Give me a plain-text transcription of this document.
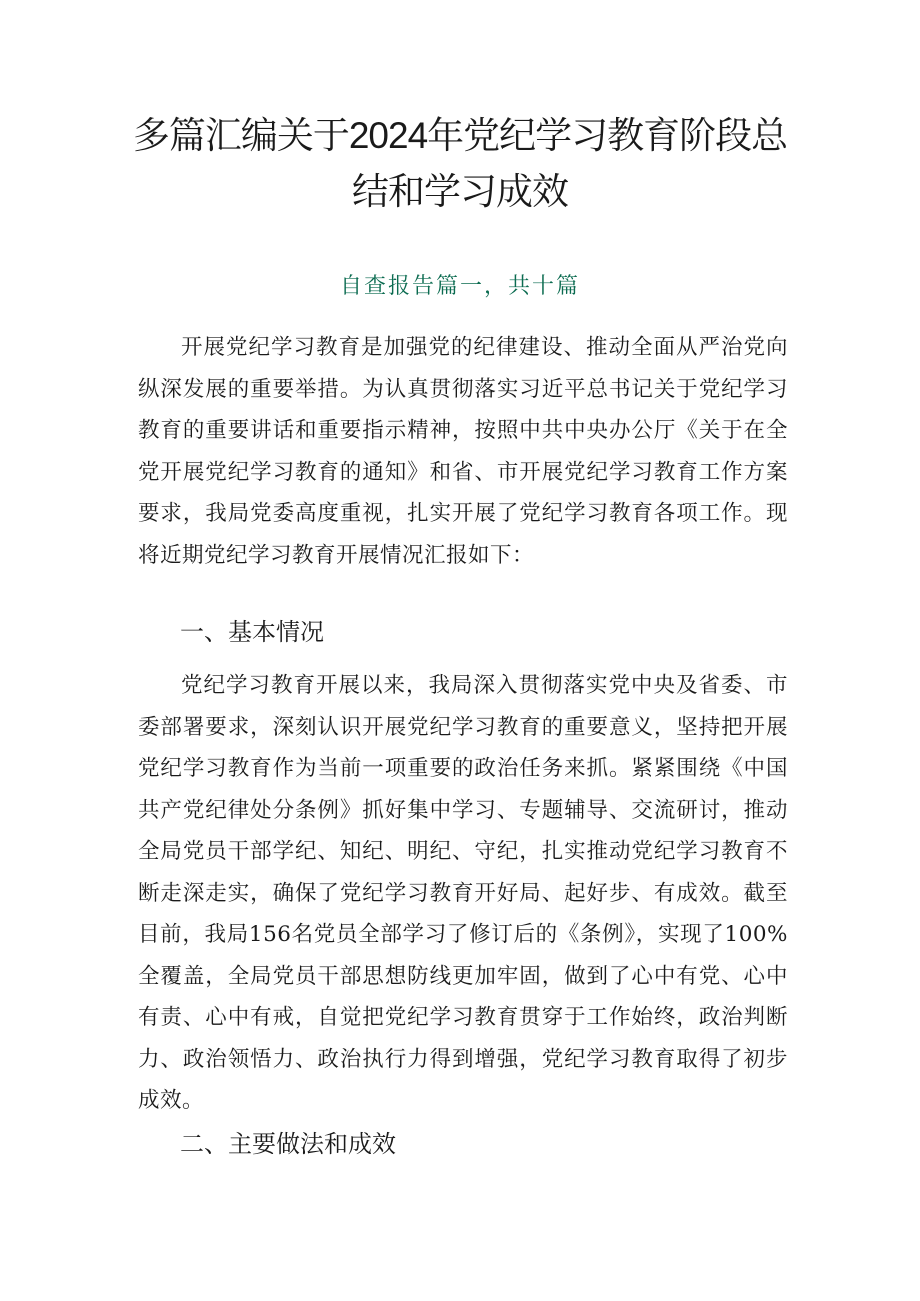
多篇汇编关于2024年党纪学习教育阶段总
结和学习成效

自查报告篇一，共十篇

开展党纪学习教育是加强党的纪律建设、推动全面从严治党向纵深发展的重要举措。为认真贯彻落实习近平总书记关于党纪学习教育的重要讲话和重要指示精神，按照中共中央办公厅《关于在全党开展党纪学习教育的通知》和省、市开展党纪学习教育工作方案要求，我局党委高度重视，扎实开展了党纪学习教育各项工作。现将近期党纪学习教育开展情况汇报如下：

一、基本情况

党纪学习教育开展以来，我局深入贯彻落实党中央及省委、市委部署要求，深刻认识开展党纪学习教育的重要意义，坚持把开展党纪学习教育作为当前一项重要的政治任务来抓。紧紧围绕《中国共产党纪律处分条例》抓好集中学习、专题辅导、交流研讨，推动全局党员干部学纪、知纪、明纪、守纪，扎实推动党纪学习教育不断走深走实，确保了党纪学习教育开好局、起好步、有成效。截至目前，我局156名党员全部学习了修订后的《条例》，实现了100%全覆盖，全局党员干部思想防线更加牢固，做到了心中有党、心中有责、心中有戒，自觉把党纪学习教育贯穿于工作始终，政治判断力、政治领悟力、政治执行力得到增强，党纪学习教育取得了初步成效。

二、主要做法和成效
